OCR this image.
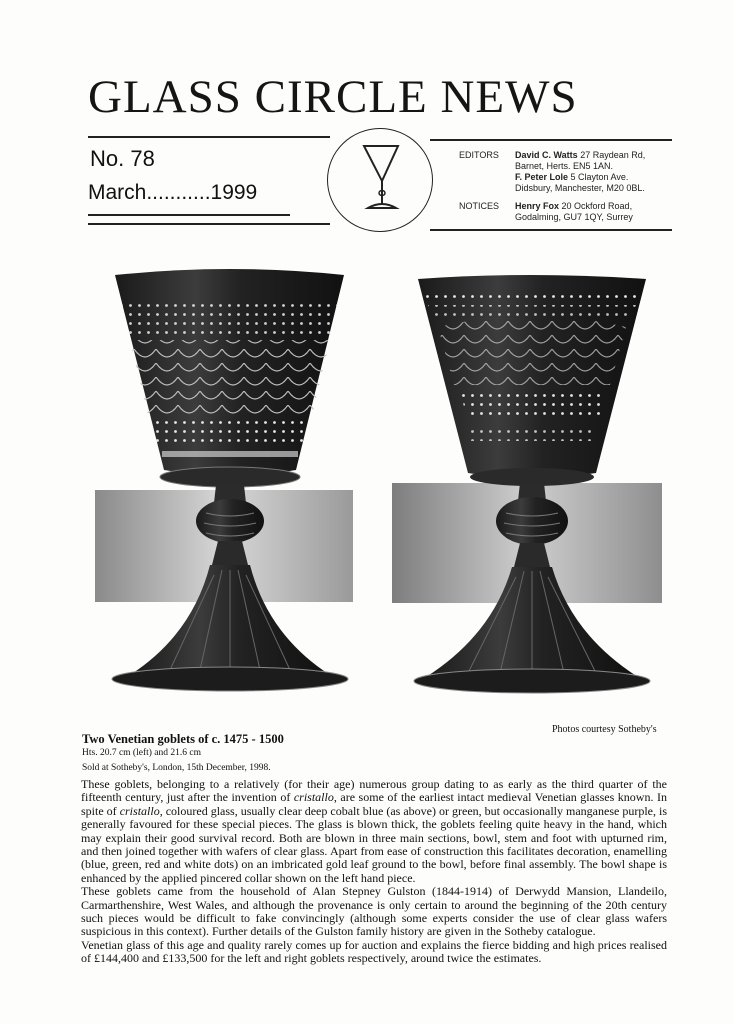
GLASS CIRCLE NEWS
No. 78
March...........1999
EDITORS David C. Watts 27 Raydean Rd,
Barnet, Herts. EN5 1AN.
F. Peter Lole 5 Clayton Ave.
Didsbury, Manchester, M20 0BL.
NOTICES Henry Fox 20 Ockford Road,
Godalming, GU7 1QY, Surrey
Photos courtesy Sotheby's
Two Venetian goblets of c. 1475 - 1500
Hts. 20.7 cm (left) and 21.6 cm
Sold at Sotheby's, London, 15th December, 1998.

These goblets, belonging to a relatively (for their age) numerous group dating to as early as the third quarter of the fifteenth century, just after the invention of cristallo, are some of the earliest intact medieval Venetian glasses known. In spite of cristallo, coloured glass, usually clear deep cobalt blue (as above) or green, but occasionally manganese purple, is generally favoured for these special pieces. The glass is blown thick, the goblets feeling quite heavy in the hand, which may explain their good survival record. Both are blown in three main sections, bowl, stem and foot with upturned rim, and then joined together with wafers of clear glass. Apart from ease of construction this facilitates decoration, enamelling (blue, green, red and white dots) on an imbricated gold leaf ground to the bowl, before final assembly. The bowl shape is enhanced by the applied pincered collar shown on the left hand piece.

These goblets came from the household of Alan Stepney Gulston (1844-1914) of Derwydd Mansion, Llandeilo, Carmarthenshire, West Wales, and although the provenance is only certain to around the beginning of the 20th century such pieces would be difficult to fake convincingly (although some experts consider the use of clear glass wafers suspicious in this context). Further details of the Gulston family history are given in the Sotheby catalogue.

Venetian glass of this age and quality rarely comes up for auction and explains the fierce bidding and high prices realised of £144,400 and £133,500 for the left and right goblets respectively, around twice the estimates.
